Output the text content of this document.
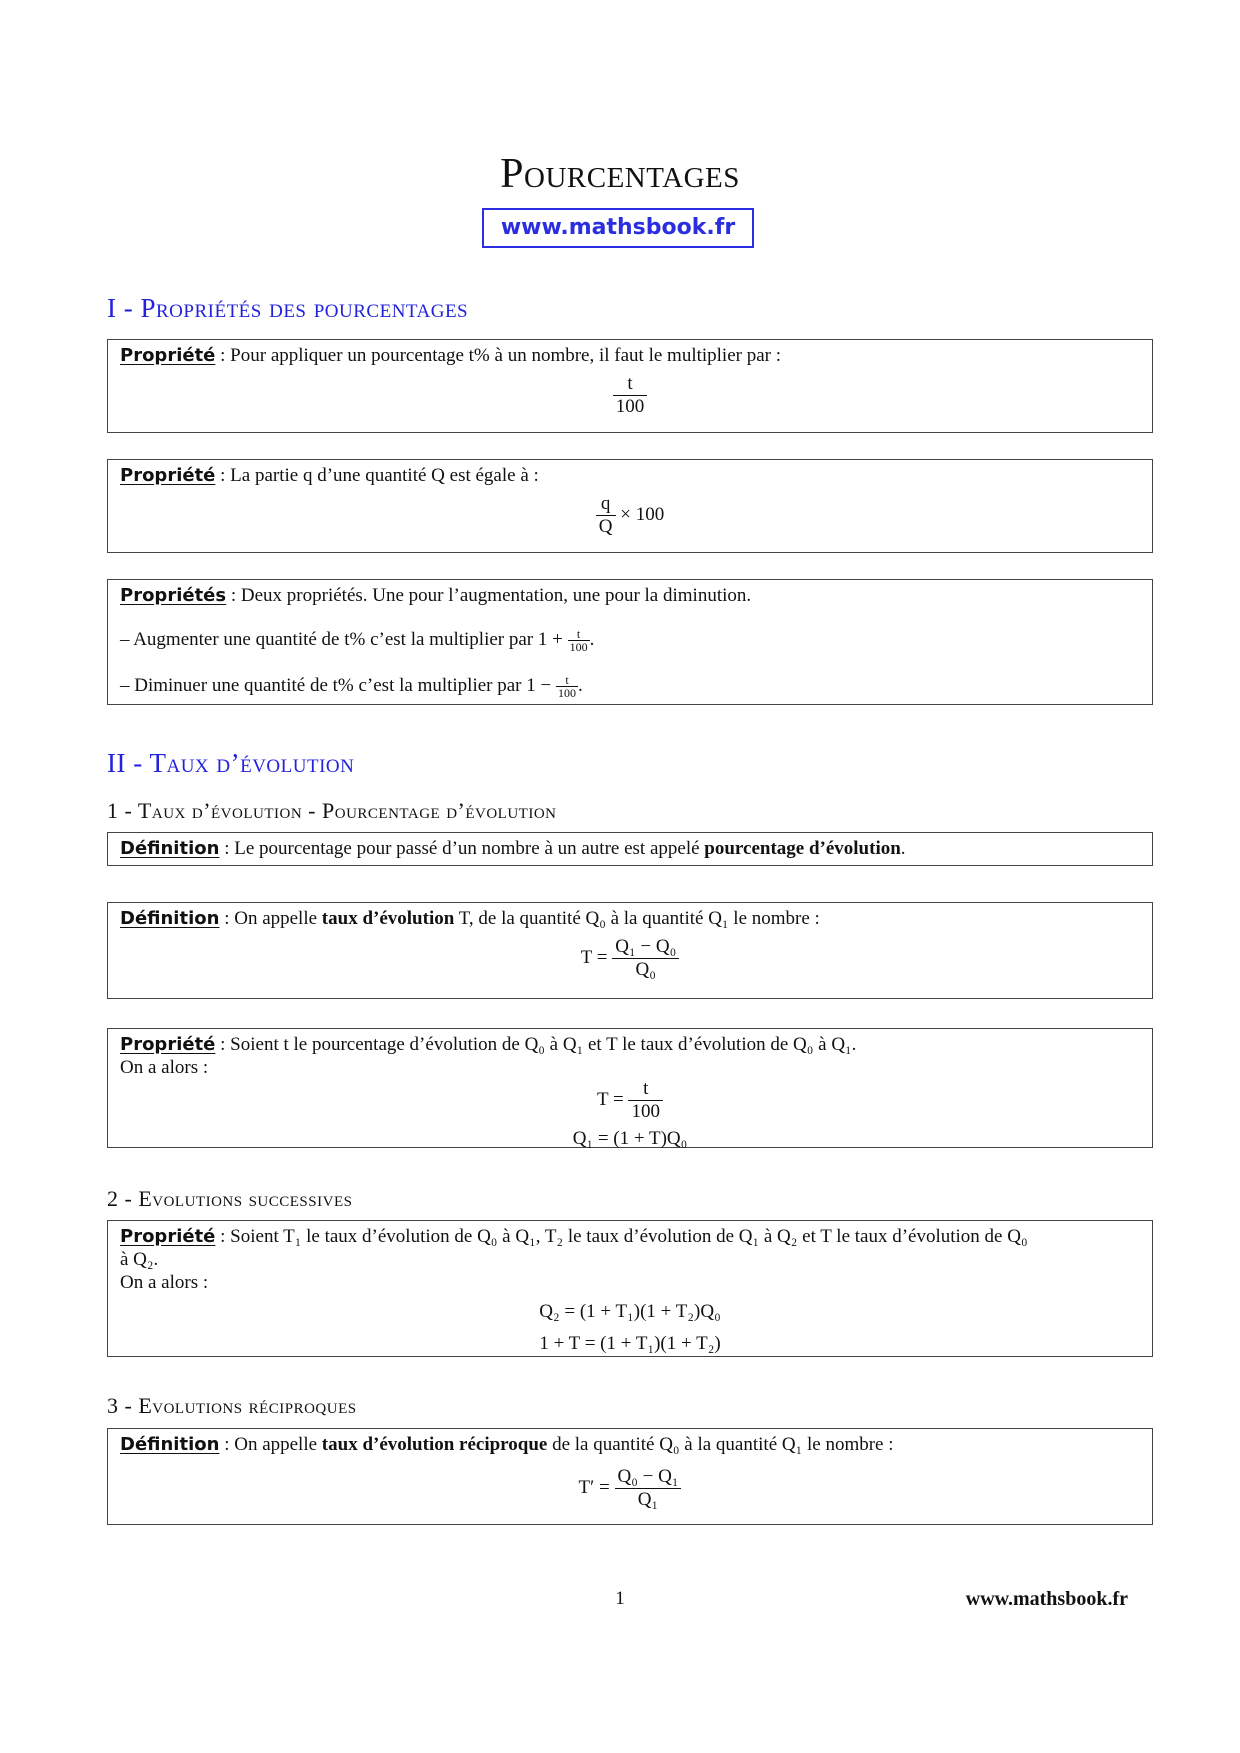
Pourcentages
www.mathsbook.fr
I - Propriétés des pourcentages
Propriété : Pour appliquer un pourcentage t% à un nombre, il faut le multiplier par :
$\frac{t}{100}$
Propriété : La partie q d’une quantité Q est égale à :
$\frac{q}{Q} \times 100$
Propriétés : Deux propriétés. Une pour l’augmentation, une pour la diminution.
– Augmenter une quantité de t% c’est la multiplier par $1 + \frac{t}{100}$ .
– Diminuer une quantité de t% c’est la multiplier par $1 - \frac{t}{100}$ .
II - Taux d’évolution
1 - Taux d’évolution - Pourcentage d’évolution
Définition : Le pourcentage pour passé d’un nombre à un autre est appelé pourcentage d’évolution.
Définition : On appelle taux d’évolution T, de la quantité Q₀ à la quantité Q₁ le nombre :
$T = \frac{\text{Q₁ − Q₀}}{\text{Q₀}}$
Propriété : Soient t le pourcentage d’évolution de Q₀ à Q₁ et T le taux d’évolution de Q₀ à Q₁.
On a alors :
$T = \frac{t}{100}$
Q₁ = (1 + T)Q₀
2 - Evolutions successives
Propriété : Soient T₁ le taux d’évolution de Q₀ à Q₁, T₂ le taux d’évolution de Q₁ à Q₂ et T le taux d’évolution de Q₀
à Q₂.
On a alors :
Q₂ = (1 + T₁)(1 + T₂)Q₀
1 + T = (1 + T₁)(1 + T₂)
3 - Evolutions réciproques
Définition : On appelle taux d’évolution réciproque de la quantité Q₀ à la quantité Q₁ le nombre :
$T' = \frac{\text{Q₀ − Q₁}}{\text{Q₁}}$
1	www.mathsbook.fr
